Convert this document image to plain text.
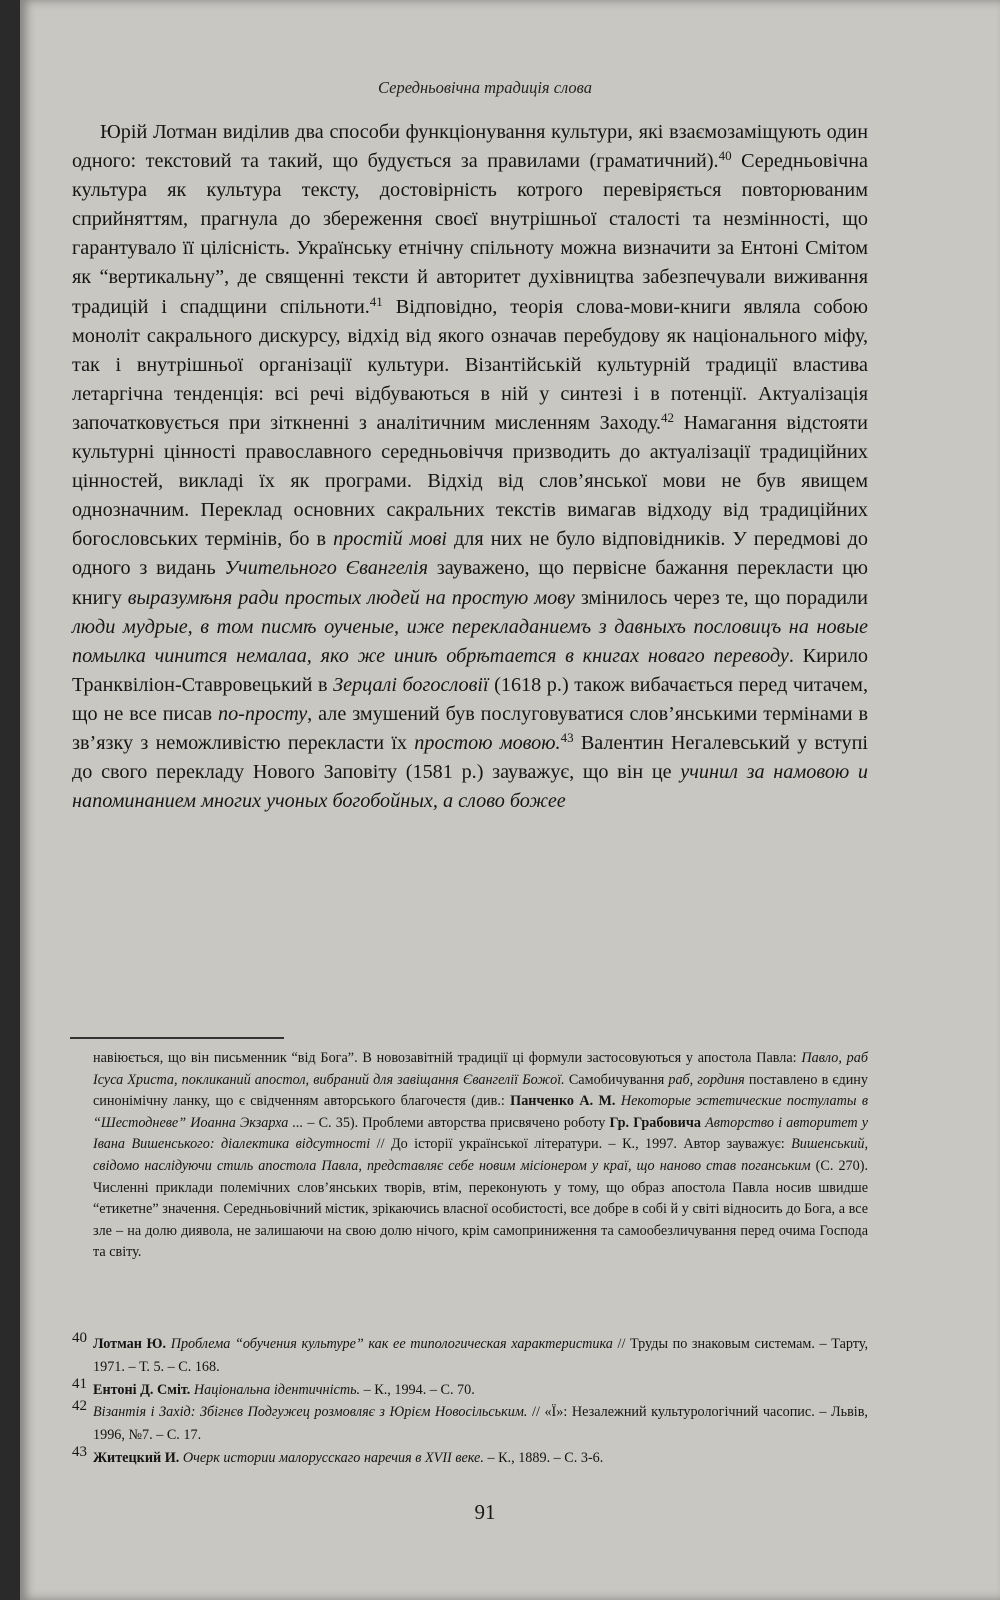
Середньовічна традиція слова
Юрій Лотман виділив два способи функціонування культури, які взаємозаміщують один одного: текстовий та такий, що будується за правилами (граматичний).$^{40}$ Середньовічна культура як культура тексту, достовірність котрого перевіряється повторюваним сприйняттям, прагнула до збереження своєї внутрішньої сталості та незмінності, що гарантувало її цілісність. Українську етнічну спільноту можна визначити за Ентоні Смітом як “вертикальну”, де священні тексти й авторитет духівництва забезпечували виживання традицій і спадщини спільноти.$^{41}$ Відповідно, теорія слова-мови-книги являла собою моноліт сакрального дискурсу, відхід від якого означав перебудову як національного міфу, так і внутрішньої організації культури. Візантійській культурній традиції властива летаргічна тенденція: всі речі відбуваються в ній у синтезі і в потенції. Актуалізація започатковується при зіткненні з аналітичним мисленням Заходу.$^{42}$ Намагання відстояти культурні цінності православного середньовіччя призводить до актуалізації традиційних цінностей, викладі їх як програми. Відхід від слов’янської мови не був явищем однозначним. Переклад основних сакральних текстів вимагав відходу від традиційних богословських термінів, бо в простій мові для них не було відповідників. У передмові до одного з видань Учительного Євангелія зауважено, що первісне бажання перекласти цю книгу выразумѣня ради простых людей на простую мову змінилось через те, що порадили люди мудрые, в том писмѣ оученые, иже перекладаниемъ з давныхъ пословицъ на новые помылка чинится немалаа, яко же иниѣ обрѣтается в книгах новаго переводу. Кирило Транквіліон-Ставровецький в Зерцалі богословії (1618 р.) також вибачається перед читачем, що не все писав по-просту, але змушений був послуговуватися слов’янськими термінами в зв’язку з неможливістю перекласти їх простою мовою.$^{43}$ Валентин Негалевський у вступі до свого перекладу Нового Заповіту (1581 р.) зауважує, що він це учинил за намовою и напоминанием многих учоных богобойных, а слово божее
навіюється, що він письменник “від Бога”. В новозавітній традиції ці формули застосовуються у апостола Павла: Павло, раб Ісуса Христа, покликаний апостол, вибраний для завіщання Євангелії Божої. Самобичування раб, гординя поставлено в єдину синонімічну ланку, що є свідченням авторського благочестя (див.: Панченко А. М. Некоторые эстетические постулаты в “Шестодневе” Иоанна Экзарха ... – С. 35). Проблеми авторства присвячено роботу Гр. Грабовича Авторство і авторитет у Івана Вишенського: діалектика відсутності // До історії української літератури. – К., 1997. Автор зауважує: Вишенський, свідомо наслідуючи стиль апостола Павла, представляє себе новим місіонером у краї, що наново став поганським (С. 270). Численні приклади полемічних слов’янських творів, втім, переконують у тому, що образ апостола Павла носив швидше “етикетне” значення. Середньовічний містик, зрікаючись власної особистості, все добре в собі й у світі відносить до Бога, а все зле – на долю диявола, не залишаючи на свою долю нічого, крім самоприниження та самообезличування перед очима Господа та світу.
40 Лотман Ю. Проблема “обучения культуре” как ее типологическая характеристика // Труды по знаковым системам. – Тарту, 1971. – Т. 5. – С. 168.
41 Ентоні Д. Сміт. Національна ідентичність. – К., 1994. – С. 70.
42 Візантія і Захід: Збігнєв Подгужец розмовляє з Юрієм Новосільським. // «Ї»: Незалежний культурологічний часопис. – Львів, 1996, №7. – С. 17.
43 Житецкий И. Очерк истории малорусскаго наречия в XVII веке. – К., 1889. – С. 3-6.
91
